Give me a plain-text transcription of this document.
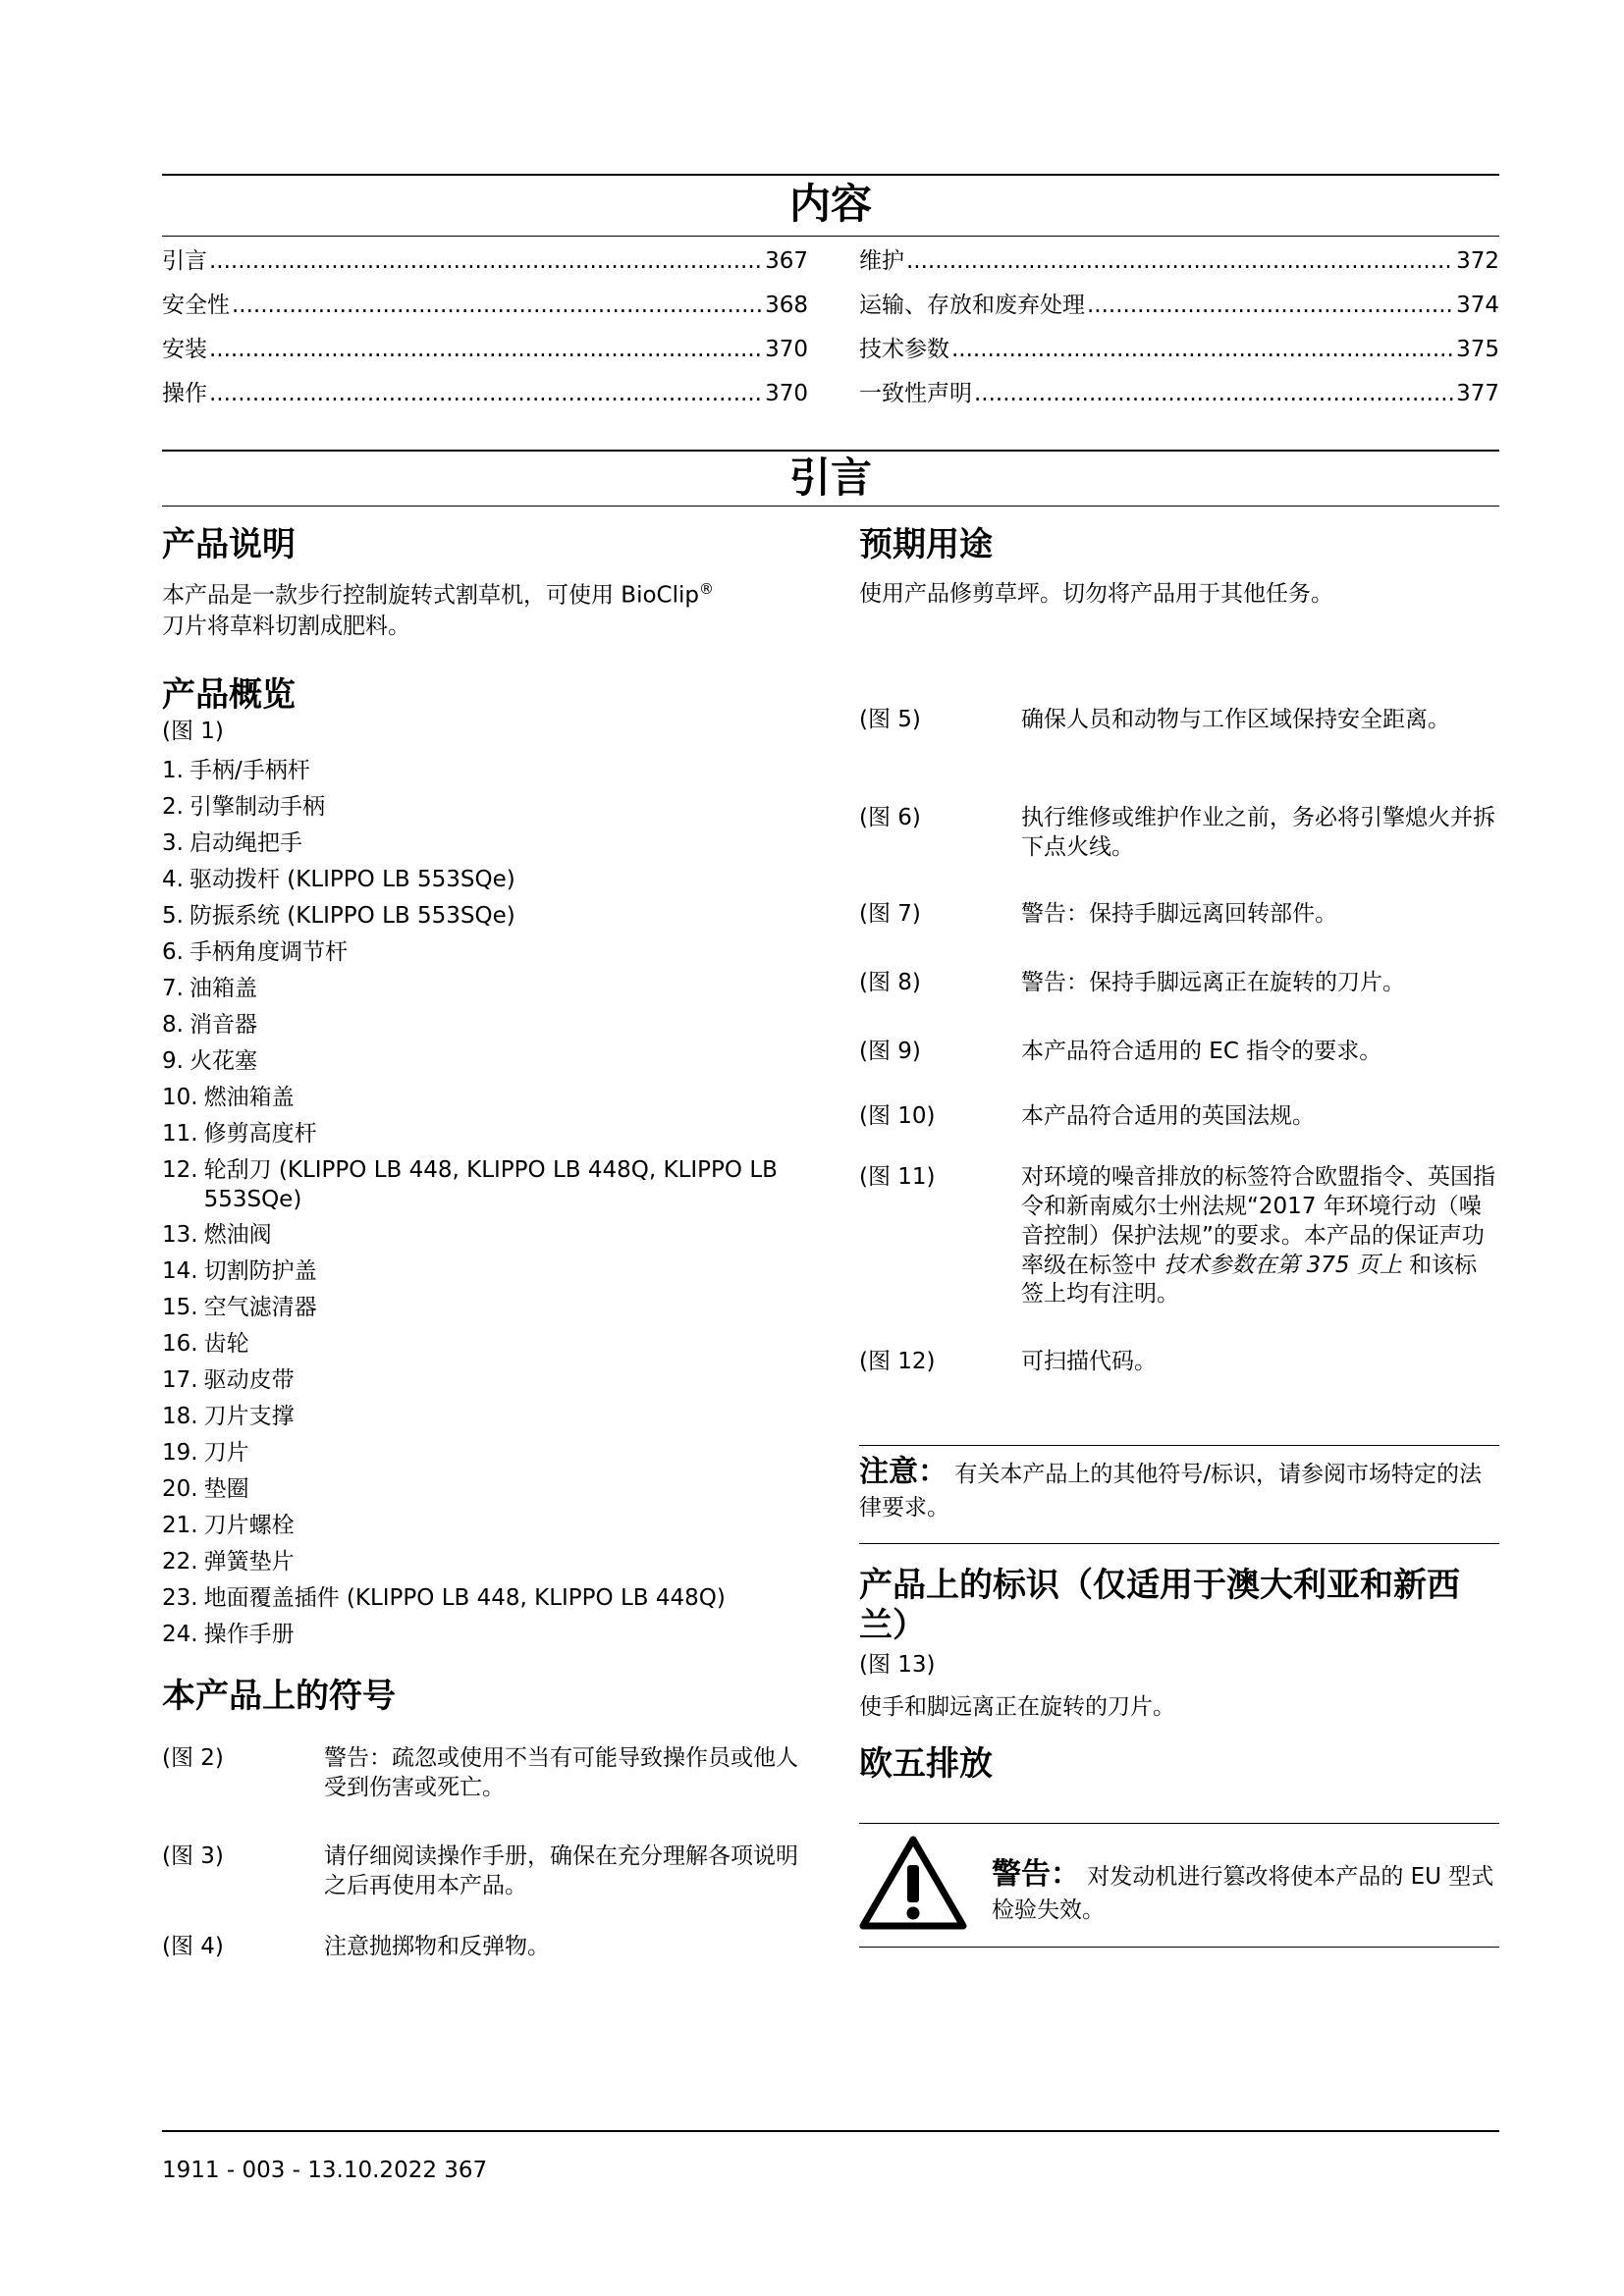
内容
引言 .....	367
安全性 .....	368
安装 .....	370
操作 .....	370
维护 .....	372
运输、存放和废弃处理 .....	374
技术参数 .....	375
一致性声明 .....	377
引言
产品说明

本产品是一款步行控制旋转式割草机，可使用 BioClip®
刀片将草料切割成肥料。

产品概览

(图 1)

1. 手柄/手柄杆
2. 引擎制动手柄
3. 启动绳把手
4. 驱动拨杆 (KLIPPO LB 553SQe)
5. 防振系统 (KLIPPO LB 553SQe)
6. 手柄角度调节杆
7. 油箱盖
8. 消音器
9. 火花塞
10. 燃油箱盖
11. 修剪高度杆
12. 轮刮刀 (KLIPPO LB 448, KLIPPO LB 448Q, KLIPPO LB 553SQe)
13. 燃油阀
14. 切割防护盖
15. 空气滤清器
16. 齿轮
17. 驱动皮带
18. 刀片支撑
19. 刀片
20. 垫圈
21. 刀片螺栓
22. 弹簧垫片
23. 地面覆盖插件 (KLIPPO LB 448, KLIPPO LB 448Q)
24. 操作手册
本产品上的符号
(图 2)	警告：疏忽或使用不当有可能导致操作员或他人受到伤害或死亡。
(图 3)	请仔细阅读操作手册，确保在充分理解各项说明之后再使用本产品。
(图 4)	注意抛掷物和反弹物。
预期用途

使用产品修剪草坪。切勿将产品用于其他任务。

(图 5)	确保人员和动物与工作区域保持安全距离。
(图 6)	执行维修或维护作业之前，务必将引擎熄火并拆下点火线。
(图 7)	警告：保持手脚远离回转部件。
(图 8)	警告：保持手脚远离正在旋转的刀片。
(图 9)	本产品符合适用的 EC 指令的要求。
(图 10)	本产品符合适用的英国法规。
(图 11)	对环境的噪音排放的标签符合欧盟指令、英国指令和新南威尔士州法规“2017 年环境行动（噪音控制）保护法规”的要求。本产品的保证声功率级在标签中 技术参数在第 375 页上 和该标签上均有注明。
(图 12)	可扫描代码。

注意： 有关本产品上的其他符号/标识，请参阅市场特定的法律要求。

产品上的标识（仅适用于澳大利亚和新西兰）

(图 13)

使手和脚远离正在旋转的刀片。

欧五排放

警告： 对发动机进行篡改将使本产品的 EU 型式检验失效。

1911 - 003 - 13.10.2022 367
